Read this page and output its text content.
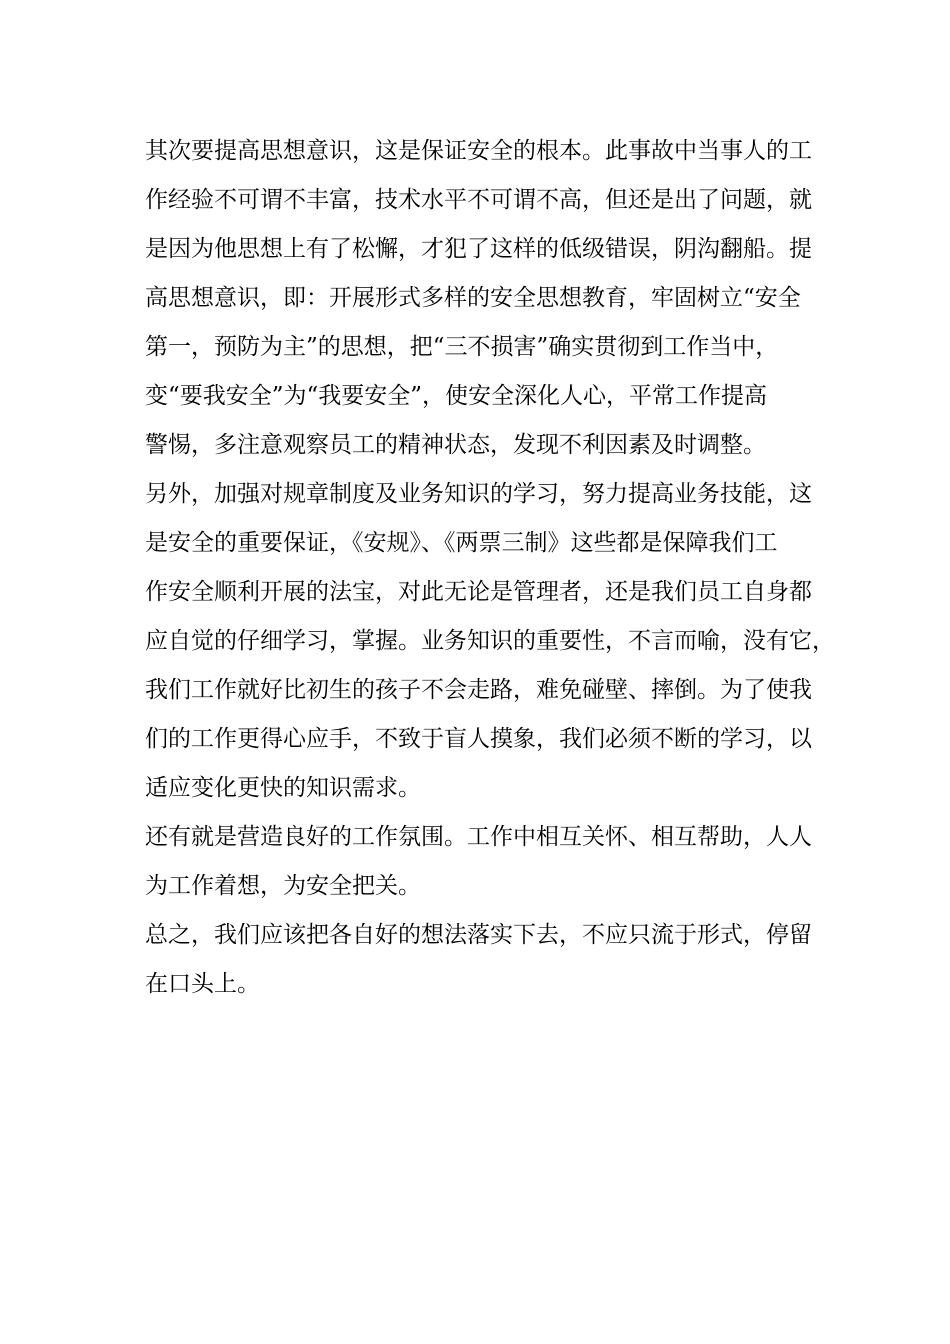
其次要提高思想意识，这是保证安全的根本。此事故中当事人的工
作经验不可谓不丰富，技术水平不可谓不高，但还是出了问题，就
是因为他思想上有了松懈，才犯了这样的低级错误，阴沟翻船。提
高思想意识，即：开展形式多样的安全思想教育，牢固树立“安全
第一，预防为主”的思想，把“三不损害”确实贯彻到工作当中，
变“要我安全”为“我要安全”，使安全深化人心，平常工作提高
警惕，多注意观察员工的精神状态，发现不利因素及时调整。
另外，加强对规章制度及业务知识的学习，努力提高业务技能，这
是安全的重要保证，《安规》、《两票三制》这些都是保障我们工
作安全顺利开展的法宝，对此无论是管理者，还是我们员工自身都
应自觉的仔细学习，掌握。业务知识的重要性，不言而喻，没有它，
我们工作就好比初生的孩子不会走路，难免碰壁、摔倒。为了使我
们的工作更得心应手，不致于盲人摸象，我们必须不断的学习，以
适应变化更快的知识需求。
还有就是营造良好的工作氛围。工作中相互关怀、相互帮助，人人
为工作着想，为安全把关。
总之，我们应该把各自好的想法落实下去，不应只流于形式，停留
在口头上。
